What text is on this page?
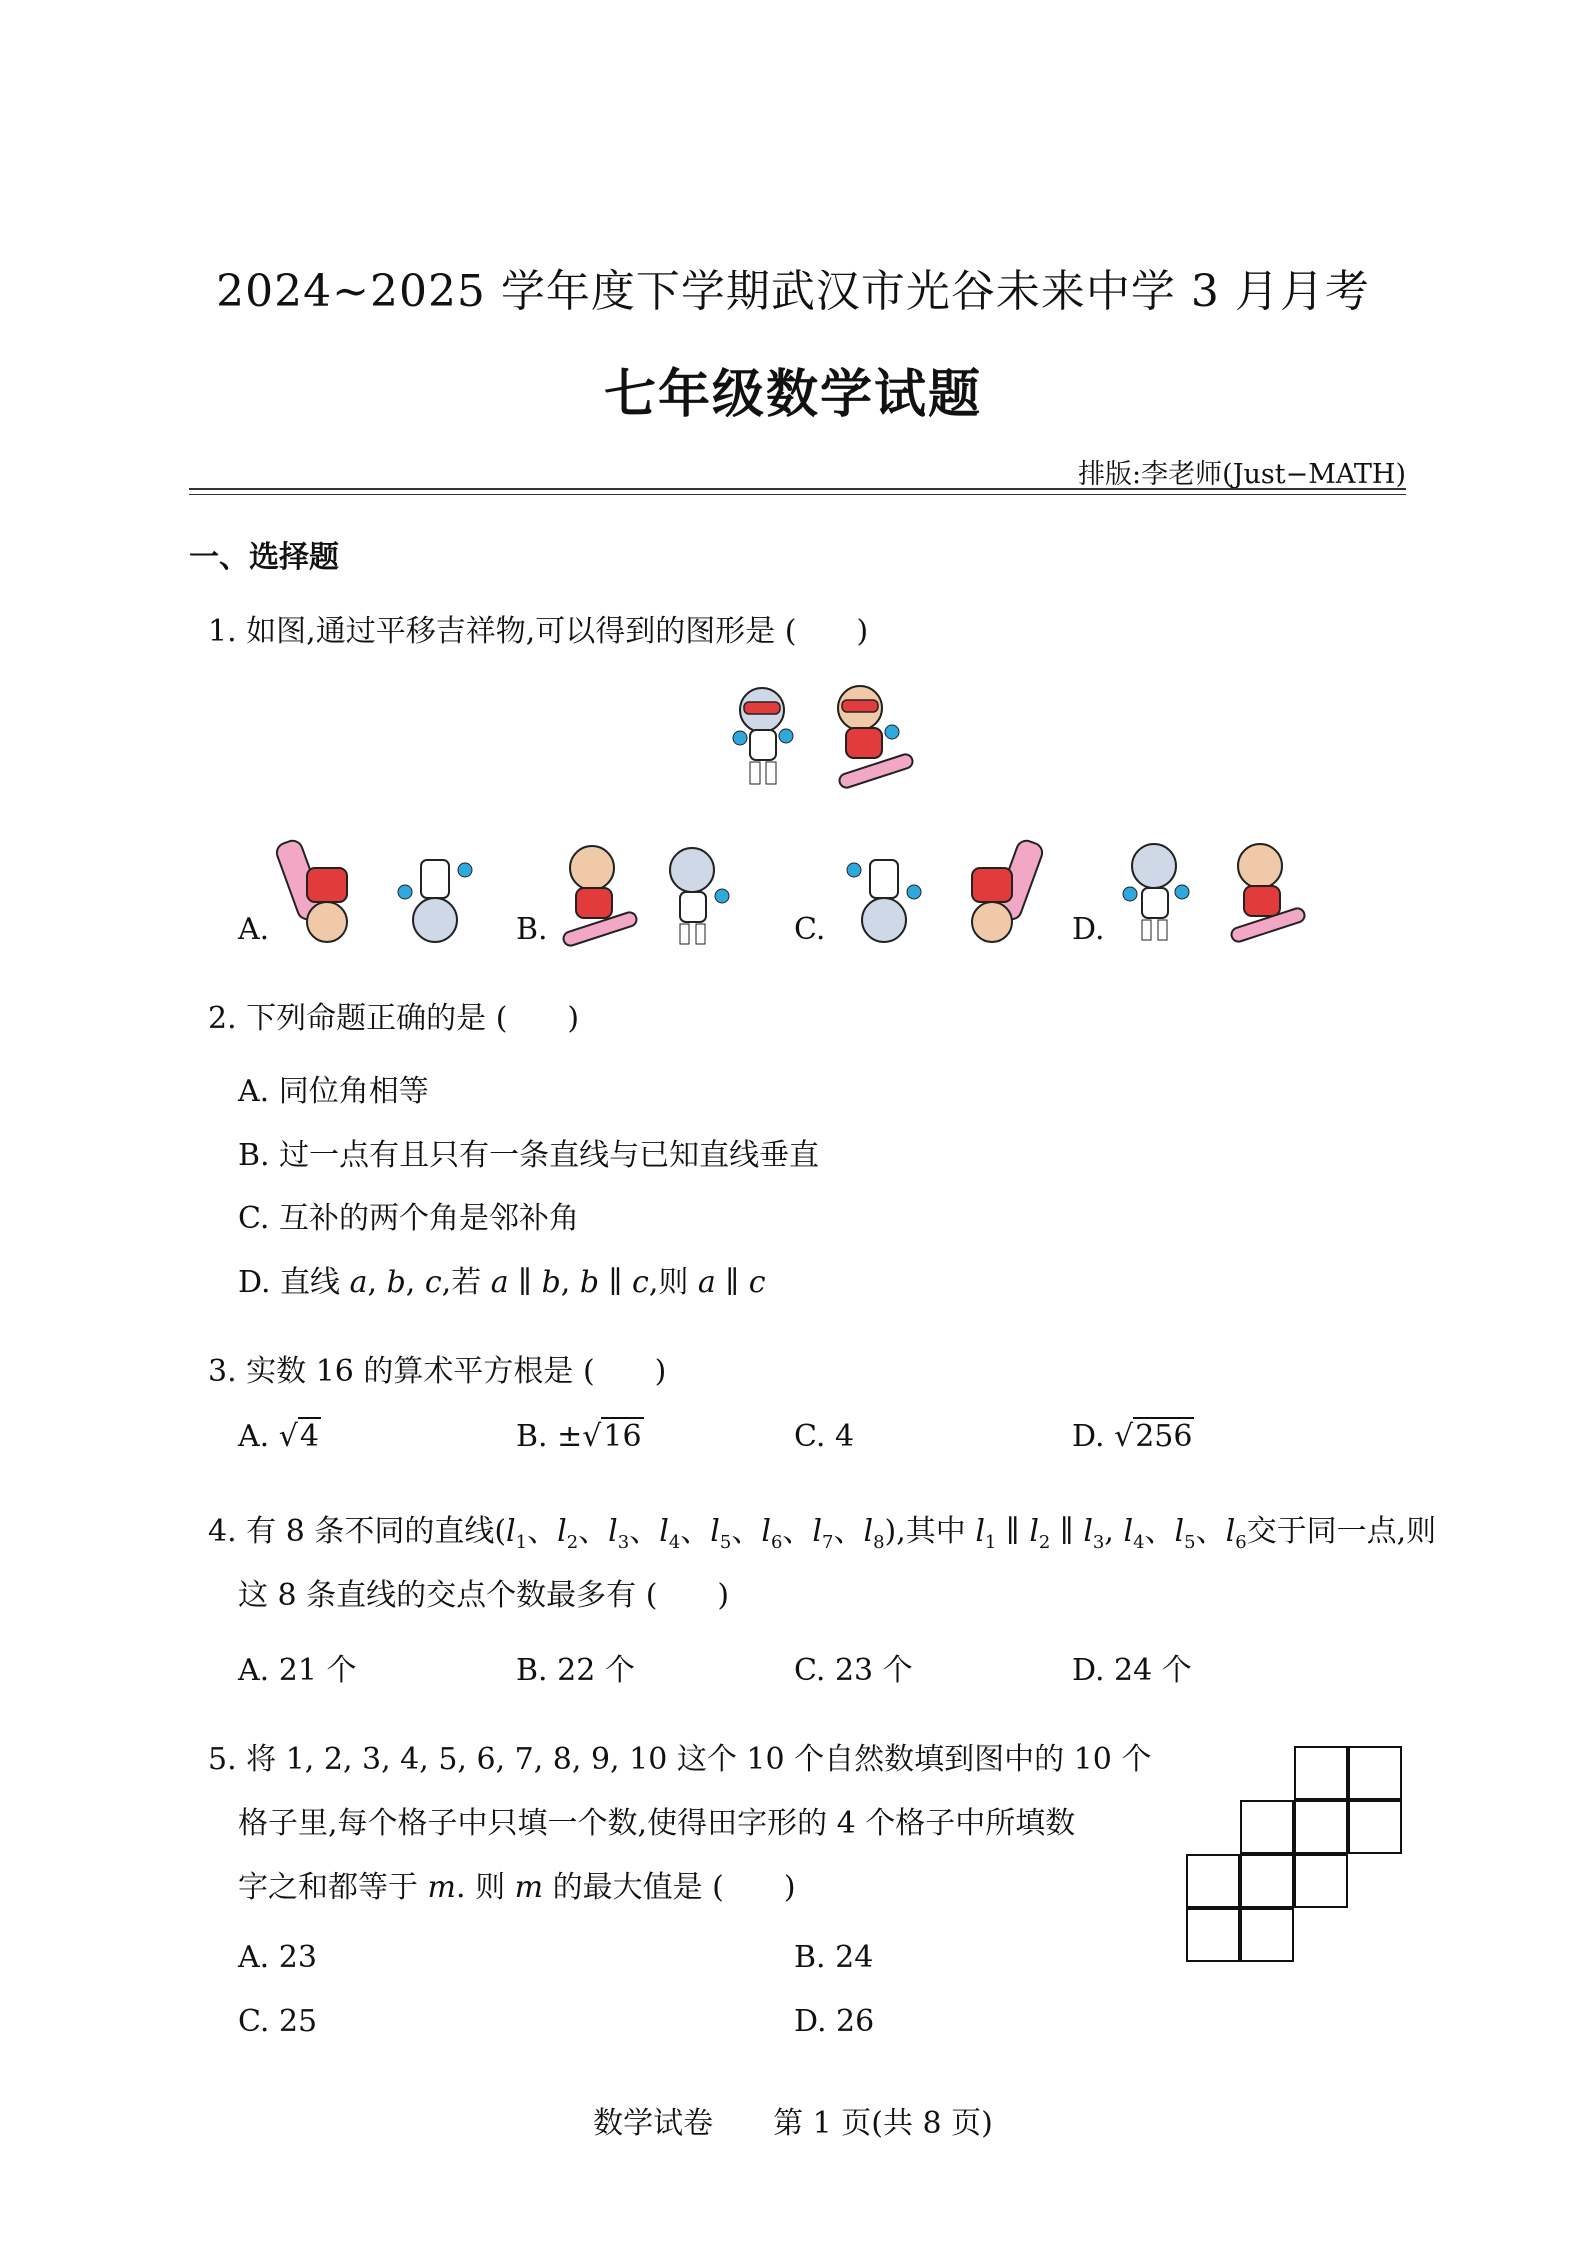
2024~2025 学年度下学期武汉市光谷未来中学 3 月月考
七年级数学试题
排版:李老师(Just−MATH)
一、选择题
1. 如图,通过平移吉祥物,可以得到的图形是 (　　)
A.	B.	C.	D.
2. 下列命题正确的是 (　　)
A. 同位角相等
B. 过一点有且只有一条直线与已知直线垂直
C. 互补的两个角是邻补角
D. 直线 a, b, c,若 a ∥ b, b ∥ c,则 a ∥ c
3. 实数 16 的算术平方根是 (　　)
A. √4	B. ±√16	C. 4	D. √256
4. 有 8 条不同的直线($l_1$、$l_2$、$l_3$、$l_4$、$l_5$、$l_6$、$l_7$、$l_8$),其中 $l_1$ ∥ $l_2$ ∥ $l_3$, $l_4$、$l_5$、$l_6$交于同一点,则
这 8 条直线的交点个数最多有 (　　)
A. 21 个	B. 22 个	C. 23 个	D. 24 个
5. 将 1, 2, 3, 4, 5, 6, 7, 8, 9, 10 这个 10 个自然数填到图中的 10 个
格子里,每个格子中只填一个数,使得田字形的 4 个格子中所填数
字之和都等于 m. 则 m 的最大值是 (　　)
A. 23	B. 24
C. 25	D. 26
数学试卷　　第 1 页(共 8 页)
